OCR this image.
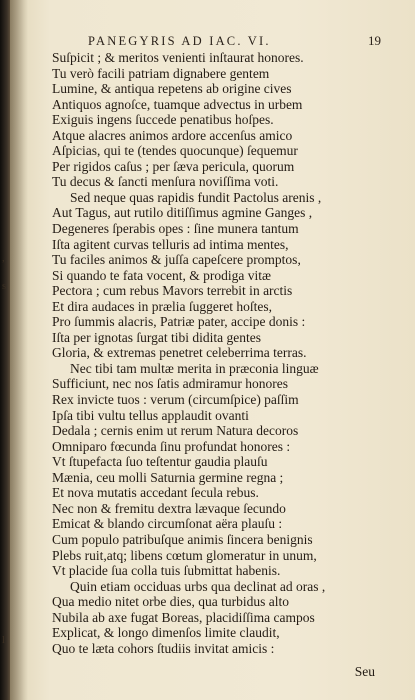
PANEGYRIS AD IAC. VI.	19
Suſpicit ; & meritos venienti inſtaurat honores.
Tu verò facili patriam dignabere gentem
Lumine, & antiqua repetens ab origine cives
Antiquos agnoſce, tuamque advectus in urbem
Exiguis ingens ſuccede penatibus hoſpes.
Atque alacres animos ardore accenſus amico
Aſpicias, qui te (tendes quocunque) ſequemur
Per rigidos caſus ; per ſæva pericula, quorum
Tu decus & ſancti menſura noviſſima voti.
Sed neque quas rapidis fundit Pactolus arenis ,
Aut Tagus, aut rutilo ditiſſimus agmine Ganges ,
Degeneres ſperabis opes : ſine munera tantum
Iſta agitent curvas telluris ad intima mentes,
Tu faciles animos & juſſa capeſcere promptos,
Si quando te fata vocent, & prodiga vitæ
Pectora ; cum rebus Mavors terrebit in arctis
Et dira audaces in prælia ſuggeret hoſtes,
Pro ſummis alacris, Patriæ pater, accipe donis :
Iſta per ignotas ſurgat tibi didita gentes
Gloria, & extremas penetret celeberrima terras.
Nec tibi tam multæ merita in præconia linguæ
Sufficiunt, nec nos ſatis admiramur honores
Rex invicte tuos : verum (circumſpice) paſſim
Ipſa tibi vultu tellus applaudit ovanti
Dedala ; cernis enim ut rerum Natura decoros
Omniparo fœcunda ſinu profundat honores :
Vt ſtupefacta ſuo teſtentur gaudia plauſu
Mænia, ceu molli Saturnia germine regna ;
Et nova mutatis accedant ſecula rebus.
Nec non & fremitu dextra lævaque ſecundo
Emicat & blando circumſonat aëra plauſu :
Cum populo patribuſque animis ſincera benignis
Plebs ruit,atq; libens cœtum glomeratur in unum,
Vt placide ſua colla tuis ſubmittat habenis.
Quin etiam occiduas urbs qua declinat ad oras ,
Qua medio nitet orbe dies, qua turbidus alto
Nubila ab axe fugat Boreas, placidiſſima campos
Explicat, & longo dimenſos limite claudit,
Quo te læta cohors ſtudiis invitat amicis :
Seu
,
s
l
